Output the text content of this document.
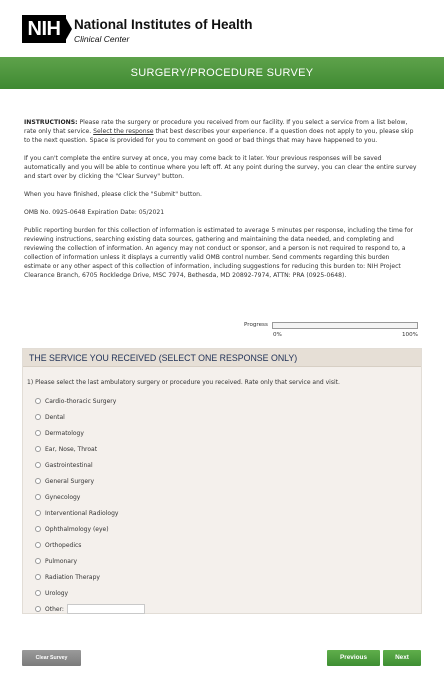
NIH	National Institutes of Health
Clinical Center
SURGERY/PROCEDURE SURVEY

INSTRUCTIONS: Please rate the surgery or procedure you received from our facility. If you select a service from a list below, rate only that service. Select the response that best describes your experience. If a question does not apply to you, please skip to the next question. Space is provided for you to comment on good or bad things that may have happened to you.

If you can't complete the entire survey at once, you may come back to it later. Your previous responses will be saved automatically and you will be able to continue where you left off. At any point during the survey, you can clear the entire survey and start over by clicking the "Clear Survey" button.

When you have finished, please click the "Submit" button.

OMB No. 0925-0648 Expiration Date: 05/2021

Public reporting burden for this collection of information is estimated to average 5 minutes per response, including the time for reviewing instructions, searching existing data sources, gathering and maintaining the data needed, and completing and reviewing the collection of information. An agency may not conduct or sponsor, and a person is not required to respond to, a collection of information unless it displays a currently valid OMB control number. Send comments regarding this burden estimate or any other aspect of this collection of information, including suggestions for reducing this burden to: NIH Project Clearance Branch, 6705 Rockledge Drive, MSC 7974, Bethesda, MD 20892-7974, ATTN: PRA (0925-0648).

Progress
0%	100%
THE SERVICE YOU RECEIVED (SELECT ONE RESPONSE ONLY)
1) Please select the last ambulatory surgery or procedure you received. Rate only that service and visit.
Cardio-thoracic Surgery
Dental
Dermatology
Ear, Nose, Throat
Gastrointestinal
General Surgery
Gynecology
Interventional Radiology
Ophthalmology (eye)
Orthopedics
Pulmonary
Radiation Therapy
Urology
Other:
Clear Survey	Previous	Next
